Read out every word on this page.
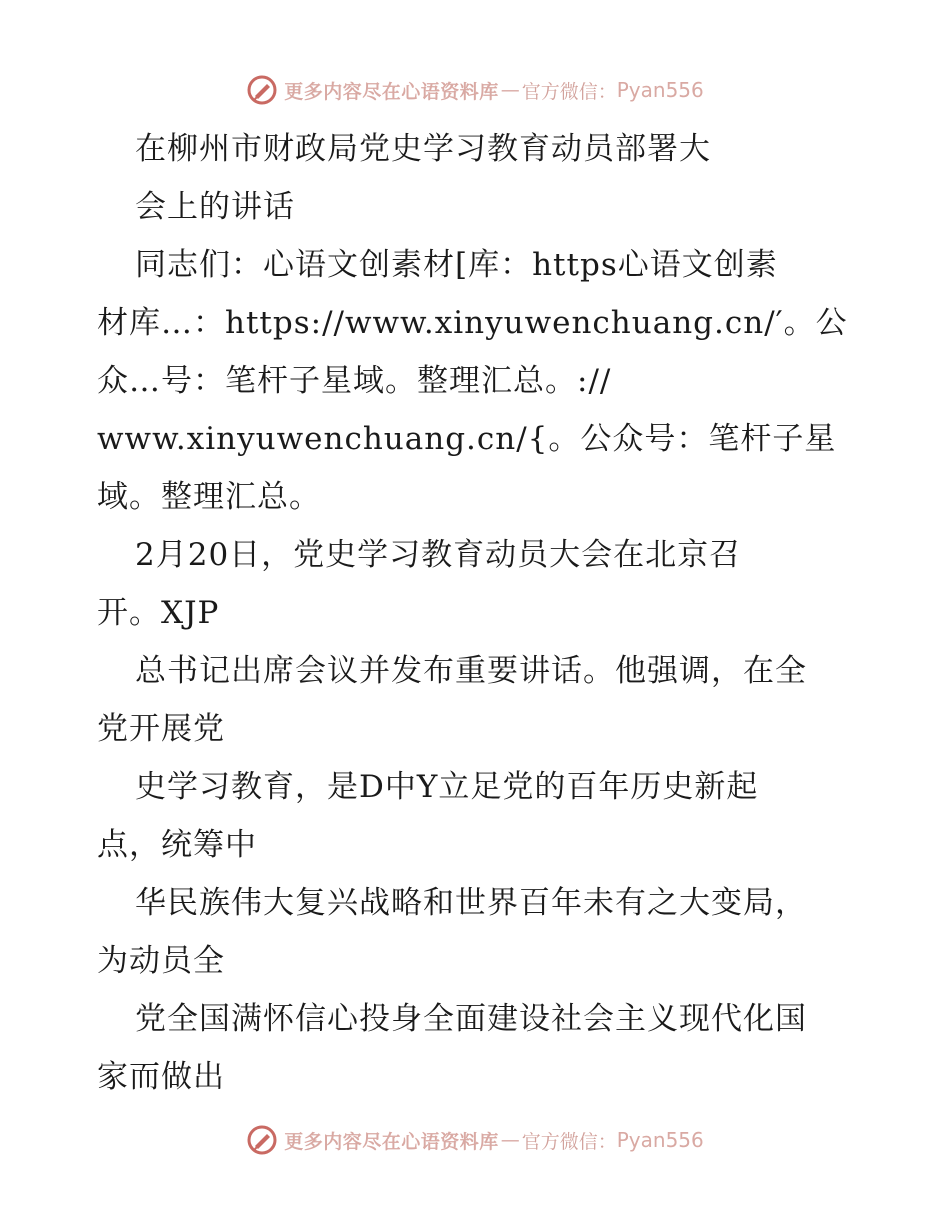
更多内容尽在心语资料库 — 官方微信： Pyan556
在柳州市财政局党史学习教育动员部署大
会上的讲话
同志们：心语文创素材[库：https心语文创素
材库…：https://www.xinyuwenchuang.cn/′。公
众…号：笔杆子星域。整理汇总。://
www.xinyuwenchuang.cn/{。公众号：笔杆子星
域。整理汇总。
2月20日，党史学习教育动员大会在北京召
开。XJP
总书记出席会议并发布重要讲话。他强调，在全
党开展党
史学习教育，是D中Y立足党的百年历史新起
点，统筹中
华民族伟大复兴战略和世界百年未有之大变局，
为动员全
党全国满怀信心投身全面建设社会主义现代化国
家而做出
更多内容尽在心语资料库 — 官方微信： Pyan556
